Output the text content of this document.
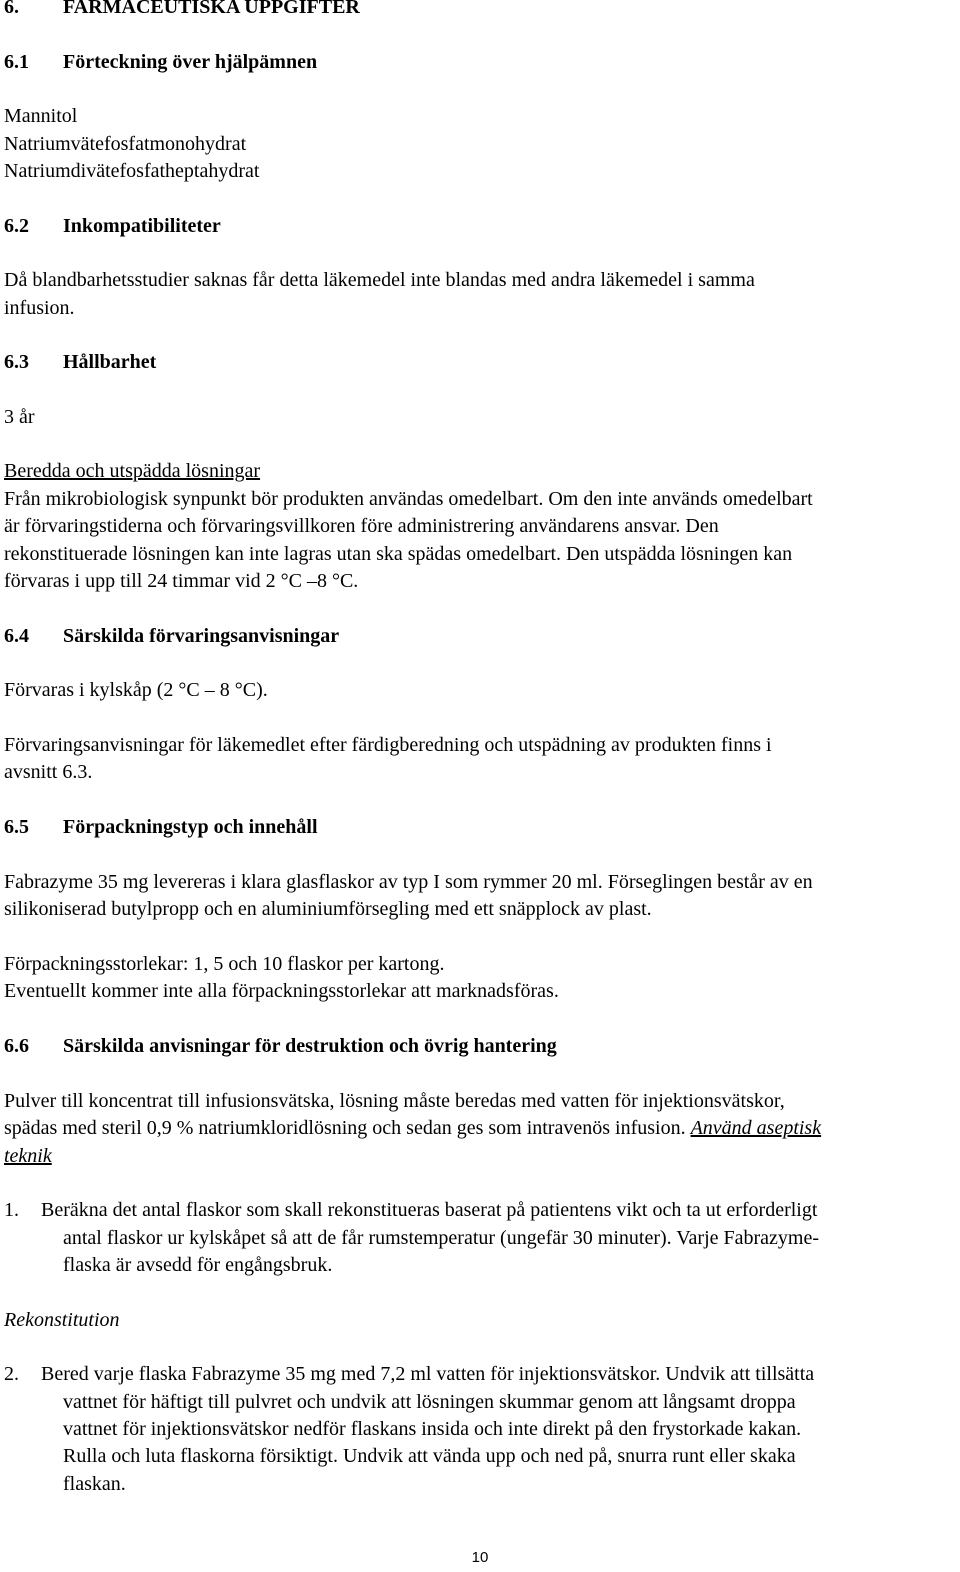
6. FARMACEUTISKA UPPGIFTER
6.1 Förteckning över hjälpämnen
Mannitol
Natriumvätefosfatmonohydrat
Natriumdivätefosfatheptahydrat
6.2 Inkompatibiliteter
Då blandbarhetsstudier saknas får detta läkemedel inte blandas med andra läkemedel i samma
infusion.
6.3 Hållbarhet
3 år
Beredda och utspädda lösningar
Från mikrobiologisk synpunkt bör produkten användas omedelbart. Om den inte används omedelbart
är förvaringstiderna och förvaringsvillkoren före administrering användarens ansvar. Den
rekonstituerade lösningen kan inte lagras utan ska spädas omedelbart. Den utspädda lösningen kan
förvaras i upp till 24 timmar vid 2 °C –8 °C.
6.4 Särskilda förvaringsanvisningar
Förvaras i kylskåp (2 °C – 8 °C).
Förvaringsanvisningar för läkemedlet efter färdigberedning och utspädning av produkten finns i
avsnitt 6.3.
6.5 Förpackningstyp och innehåll
Fabrazyme 35 mg levereras i klara glasflaskor av typ I som rymmer 20 ml. Förseglingen består av en
silikoniserad butylpropp och en aluminiumförsegling med ett snäpplock av plast.
Förpackningsstorlekar: 1, 5 och 10 flaskor per kartong.
Eventuellt kommer inte alla förpackningsstorlekar att marknadsföras.
6.6 Särskilda anvisningar för destruktion och övrig hantering
Pulver till koncentrat till infusionsvätska, lösning måste beredas med vatten för injektionsvätskor,
spädas med steril 0,9 % natriumkloridlösning och sedan ges som intravenös infusion. Använd aseptisk
teknik
1. Beräkna det antal flaskor som skall rekonstitueras baserat på patientens vikt och ta ut erforderligt
antal flaskor ur kylskåpet så att de får rumstemperatur (ungefär 30 minuter). Varje Fabrazyme-
flaska är avsedd för engångsbruk.
Rekonstitution
2. Bered varje flaska Fabrazyme 35 mg med 7,2 ml vatten för injektionsvätskor. Undvik att tillsätta
vattnet för häftigt till pulvret och undvik att lösningen skummar genom att långsamt droppa
vattnet för injektionsvätskor nedför flaskans insida och inte direkt på den frystorkade kakan.
Rulla och luta flaskorna försiktigt. Undvik att vända upp och ned på, snurra runt eller skaka
flaskan.
10
